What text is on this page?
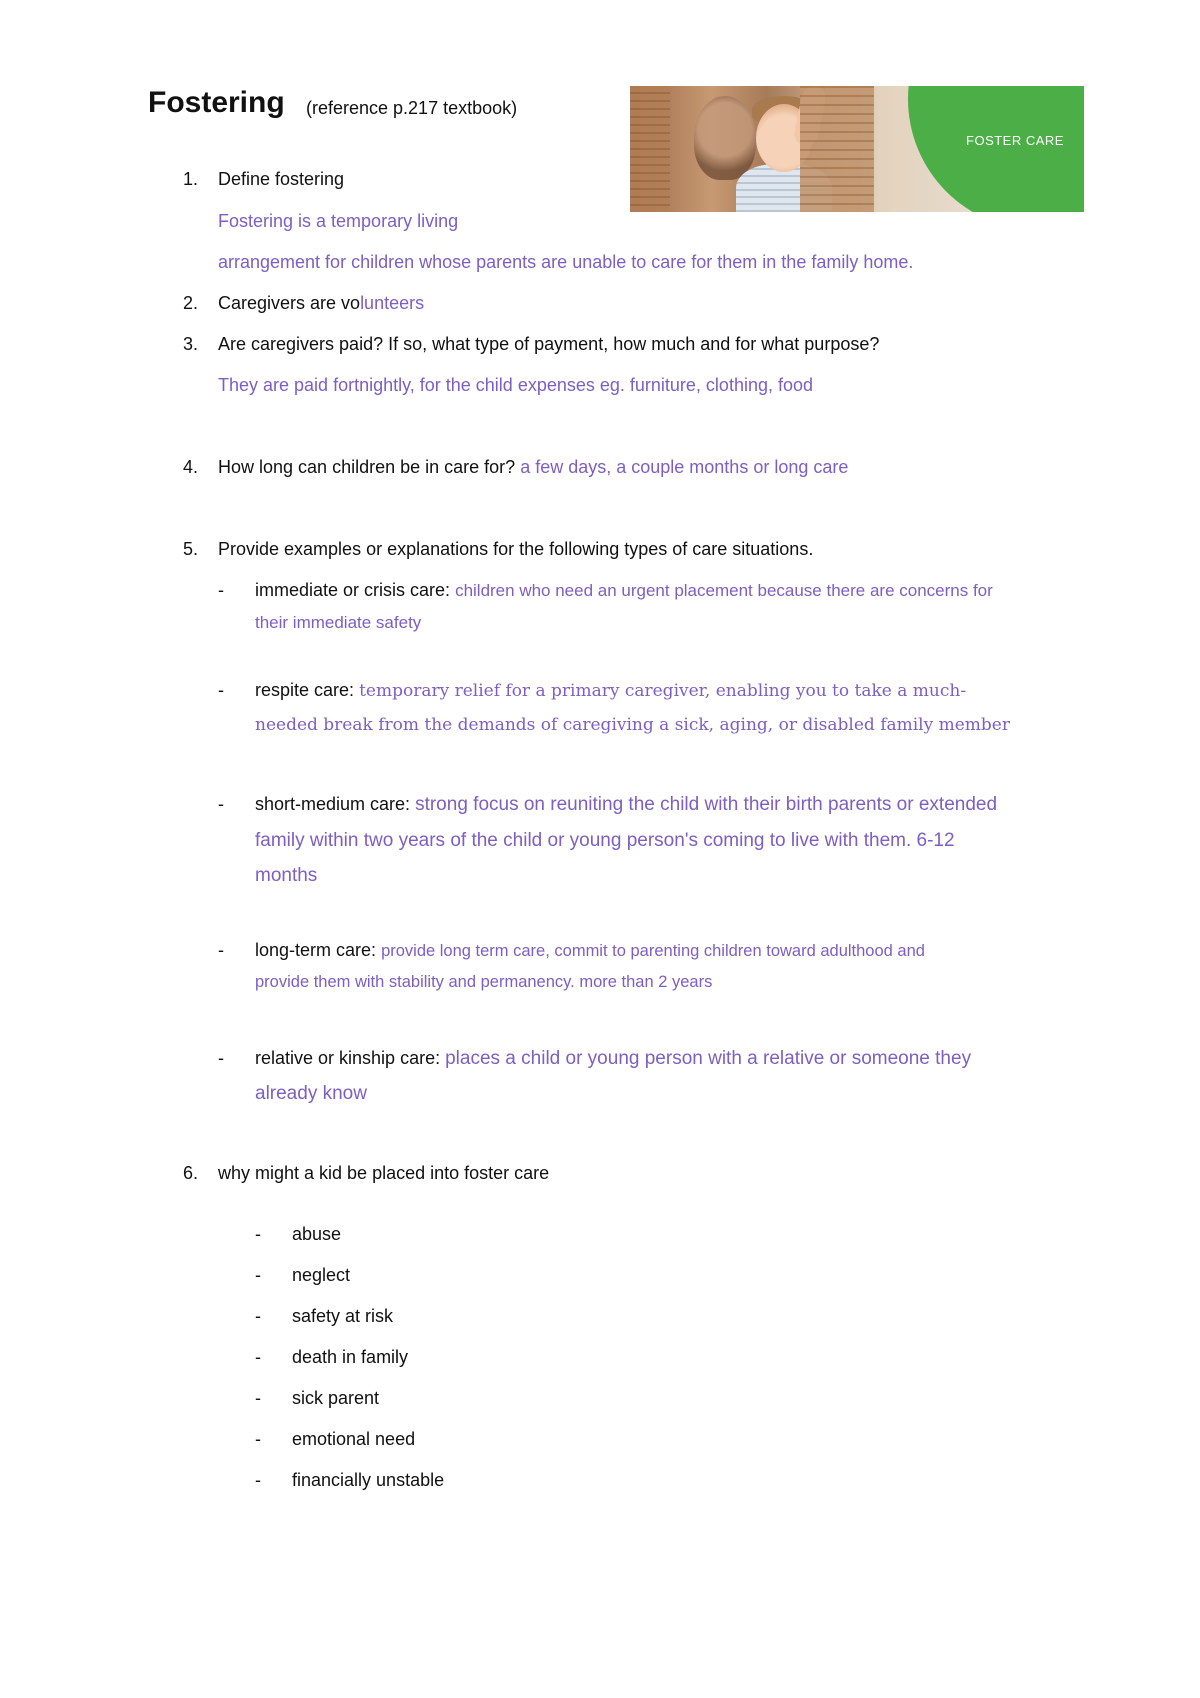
Fostering (reference p.217 textbook)
FOSTER CARE
1. Define fostering
Fostering is a temporary living
arrangement for children whose parents are unable to care for them in the family home.
2. Caregivers are volunteers
3. Are caregivers paid? If so, what type of payment, how much and for what purpose?
They are paid fortnightly, for the child expenses eg. furniture, clothing, food
4. How long can children be in care for? a few days, a couple months or long care
5. Provide examples or explanations for the following types of care situations.
- immediate or crisis care: children who need an urgent placement because there are concerns for
their immediate safety
- respite care: temporary relief for a primary caregiver, enabling you to take a much-
needed break from the demands of caregiving a sick, aging, or disabled family member
- short-medium care: strong focus on reuniting the child with their birth parents or extended
family within two years of the child or young person's coming to live with them. 6-12
months
- long-term care: provide long term care, commit to parenting children toward adulthood and
provide them with stability and permanency. more than 2 years
- relative or kinship care: places a child or young person with a relative or someone they
already know
6. why might a kid be placed into foster care
- abuse
- neglect
- safety at risk
- death in family
- sick parent
- emotional need
- financially unstable
